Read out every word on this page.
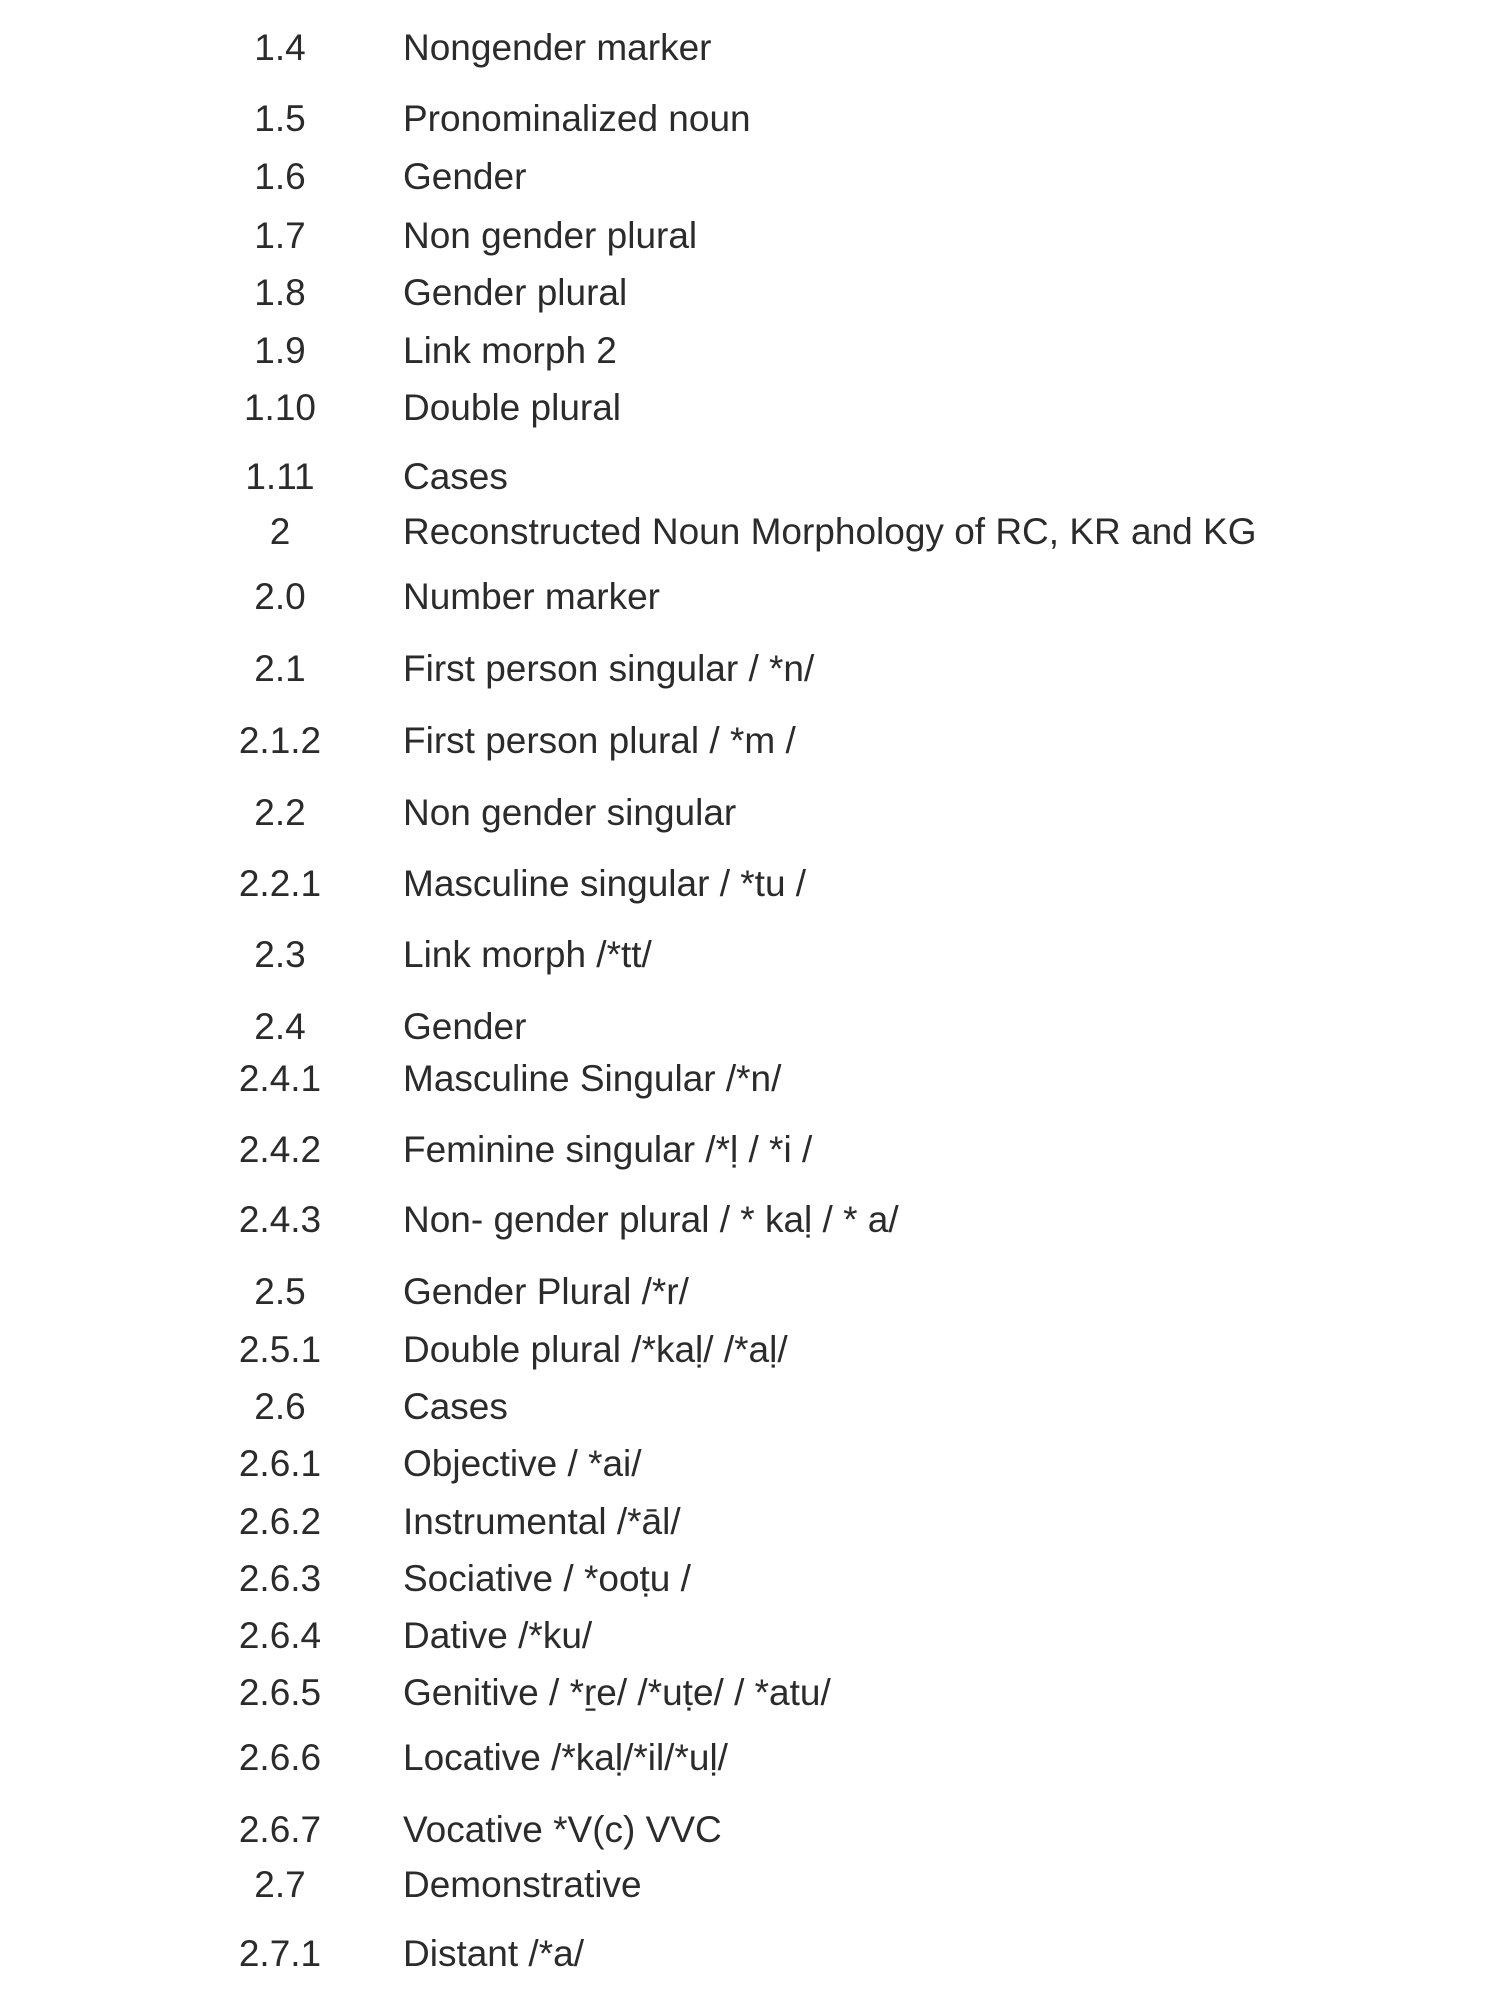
1.4	Nongender marker
1.5	Pronominalized noun
1.6	Gender
1.7	Non gender plural
1.8	Gender plural
1.9	Link morph 2
1.10	Double plural
1.11	Cases
2	Reconstructed Noun Morphology of RC, KR and KG
2.0	Number marker
2.1	First person singular / *n/
2.1.2	First person plural / *m /
2.2	Non gender singular
2.2.1	Masculine singular / *tu /
2.3	Link morph /*tt/
2.4	Gender
2.4.1	Masculine Singular /*n/
2.4.2	Feminine singular /*ḷ / *i /
2.4.3	Non- gender plural / * kaḷ / * a/
2.5	Gender Plural /*r/
2.5.1	Double plural /*kaḷ/ /*aḷ/
2.6	Cases
2.6.1	Objective / *ai/
2.6.2	Instrumental /*āl/
2.6.3	Sociative / *ooṭu /
2.6.4	Dative /*ku/
2.6.5	Genitive / *ṟe/ /*uṭe/ / *atu/
2.6.6	Locative /*kaḷ/*il/*uḷ/
2.6.7	Vocative *V(c) VVC
2.7	Demonstrative
2.7.1	Distant /*a/
